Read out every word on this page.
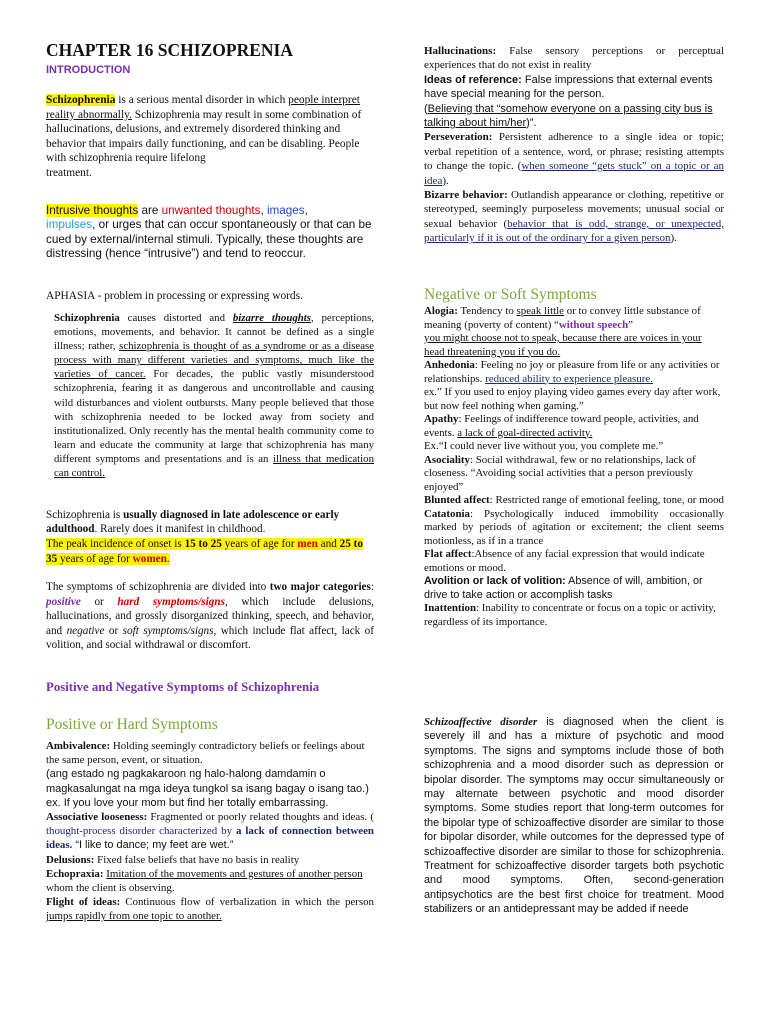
CHAPTER 16 SCHIZOPRENIA
INTRODUCTION

Schizophrenia is a serious mental disorder in which people interpret reality abnormally. Schizophrenia may result in some combination of hallucinations, delusions, and extremely disordered thinking and behavior that impairs daily functioning, and can be disabling. People with schizophrenia require lifelong
treatment.

Intrusive thoughts are unwanted thoughts, images,
impulses, or urges that can occur spontaneously or that can be cued by external/internal stimuli. Typically, these thoughts are distressing (hence “intrusive”) and tend to reoccur.

APHASIA - problem in processing or expressing words.

Schizophrenia causes distorted and bizarre thoughts, perceptions, emotions, movements, and behavior. It cannot be defined as a single illness; rather, schizophrenia is thought of as a syndrome or as a disease process with many different varieties and symptoms, much like the varieties of cancer. For decades, the public vastly misunderstood schizophrenia, fearing it as dangerous and uncontrollable and causing wild disturbances and violent outbursts. Many people believed that those with schizophrenia needed to be locked away from society and institutionalized. Only recently has the mental health community come to learn and educate the community at large that schizophrenia has many different symptoms and presentations and is an illness that medication can control.

Schizophrenia is usually diagnosed in late adolescence or early adulthood. Rarely does it manifest in childhood.

The peak incidence of onset is 15 to 25 years of age for men and 25 to 35 years of age for women.

The symptoms of schizophrenia are divided into two major categories: positive or hard symptoms/signs, which include delusions, hallucinations, and grossly disorganized thinking, speech, and behavior, and negative or soft symptoms/signs, which include flat affect, lack of volition, and social withdrawal or discomfort.

Positive and Negative Symptoms of Schizophrenia
Positive or Hard Symptoms

Ambivalence: Holding seemingly contradictory beliefs or feelings about the same person, event, or situation.

(ang estado ng pagkakaroon ng halo-halong damdamin o magkasalungat na mga ideya tungkol sa isang bagay o isang tao.) ex. If you love your mom but find her totally embarrassing.

Associative looseness: Fragmented or poorly related thoughts and ideas. ( thought-process disorder characterized by a lack of connection between ideas. “I like to dance; my feet are wet.”

Delusions: Fixed false beliefs that have no basis in reality

Echopraxia: Imitation of the movements and gestures of another person whom the client is observing.

Flight of ideas: Continuous flow of verbalization in which the person jumps rapidly from one topic to another.

Hallucinations: False sensory perceptions or perceptual experiences that do not exist in reality

Ideas of reference: False impressions that external events have special meaning for the person.
(Believing that “somehow everyone on a passing city bus is talking about him/her)”.

Perseveration: Persistent adherence to a single idea or topic; verbal repetition of a sentence, word, or phrase; resisting attempts to change the topic. (when someone “gets stuck” on a topic or an idea).

Bizarre behavior: Outlandish appearance or clothing, repetitive or stereotyped, seemingly purposeless movements; unusual social or sexual behavior (behavior that is odd, strange, or unexpected, particularly if it is out of the ordinary for a given person).

Negative or Soft Symptoms

Alogia: Tendency to speak little or to convey little substance of meaning (poverty of content) “without speech”

you might choose not to speak, because there are voices in your head threatening you if you do.

Anhedonia: Feeling no joy or pleasure from life or any activities or relationships. reduced ability to experience pleasure.

ex.” If you used to enjoy playing video games every day after work, but now feel nothing when gaming.”

Apathy: Feelings of indifference toward people, activities, and events. a lack of goal-directed activity.

Ex.“I could never live without you, you complete me.”

Asociality: Social withdrawal, few or no relationships, lack of closeness. “Avoiding social activities that a person previously enjoyed”

Blunted affect: Restricted range of emotional feeling, tone, or mood Catatonia: Psychologically induced immobility occasionally marked by periods of agitation or excitement; the client seems motionless, as if in a trance

Flat affect:Absence of any facial expression that would indicate emotions or mood.

Avolition or lack of volition: Absence of will, ambition, or drive to take action or accomplish tasks

Inattention: Inability to concentrate or focus on a topic or activity, regardless of its importance.

Schizoaffective disorder is diagnosed when the client is severely ill and has a mixture of psychotic and mood symptoms. The signs and symptoms include those of both schizophrenia and a mood disorder such as depression or bipolar disorder. The symptoms may occur simultaneously or may alternate between psychotic and mood disorder symptoms. Some studies report that long-term outcomes for the bipolar type of schizoaffective disorder are similar to those for bipolar disorder, while outcomes for the depressed type of schizoaffective disorder are similar to those for schizophrenia. Treatment for schizoaffective disorder targets both psychotic and mood symptoms. Often, second-generation antipsychotics are the best first choice for treatment. Mood stabilizers or an antidepressant may be added if neede
